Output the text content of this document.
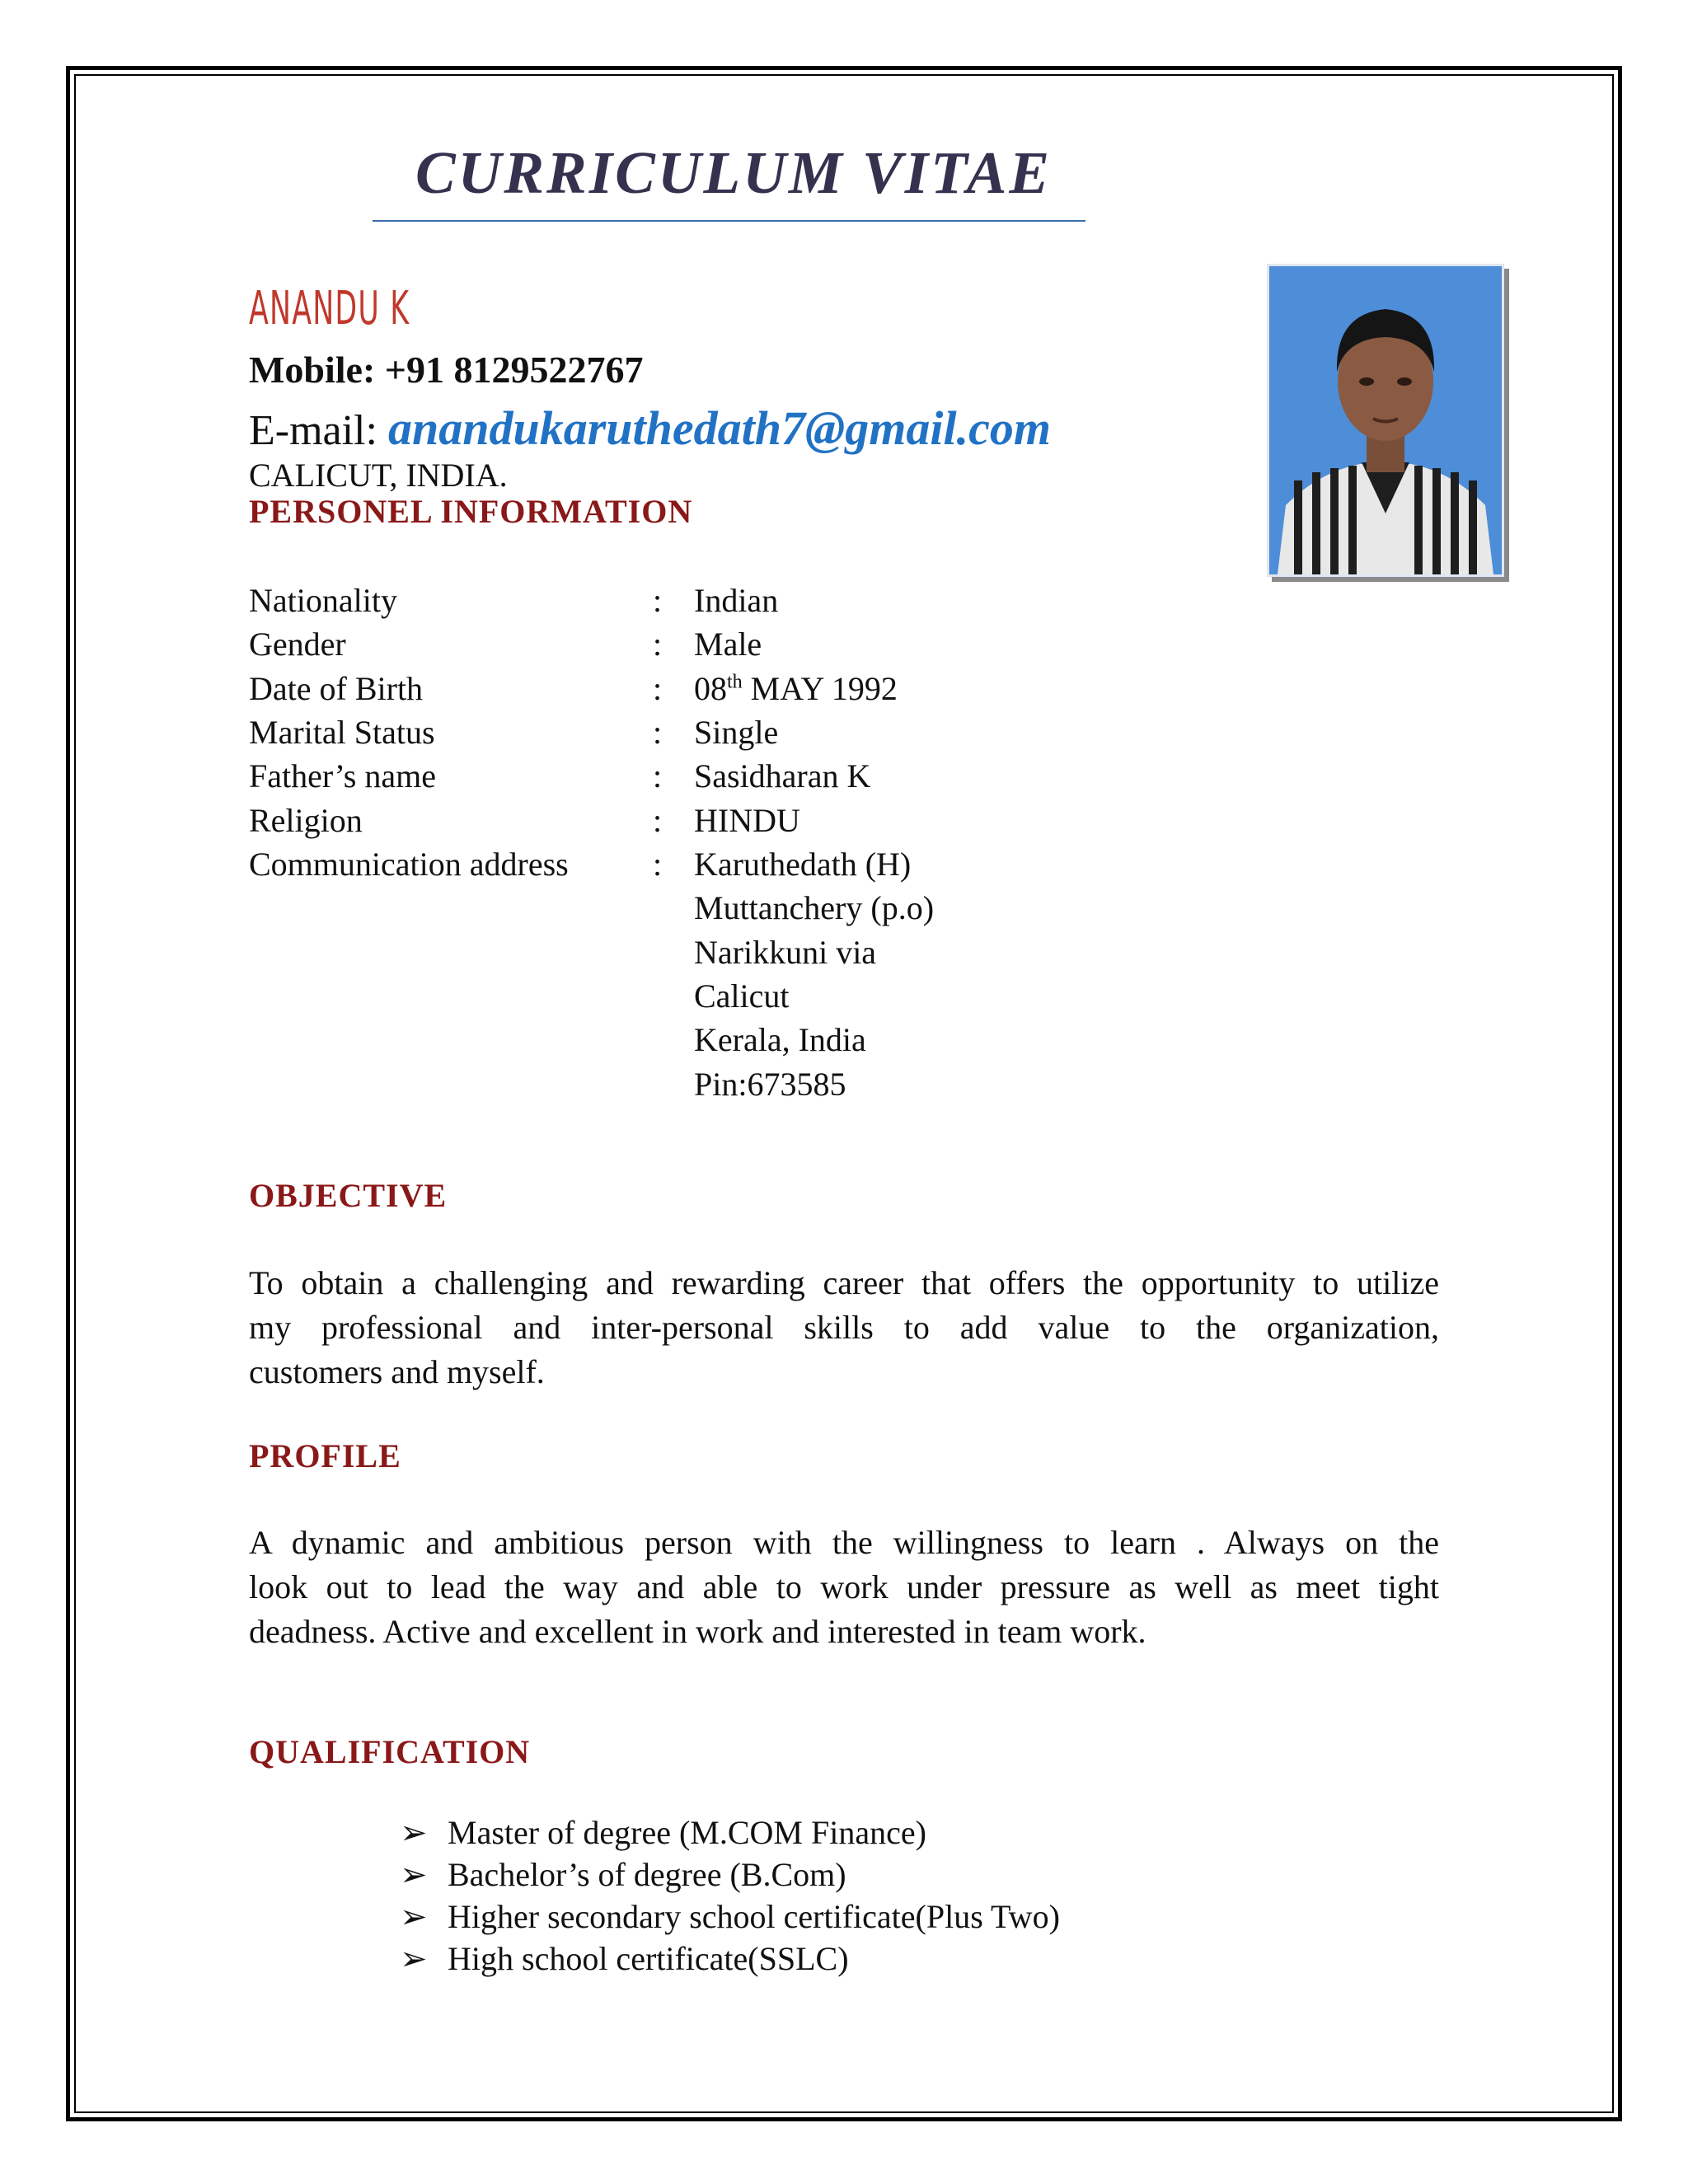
CURRICULUM VITAE
ANANDU K
Mobile: +91 8129522767
E-mail: anandukaruthedath7@gmail.com
CALICUT, INDIA.
PERSONEL INFORMATION
Nationality	: Indian
Gender	: Male
Date of Birth	: 08th MAY 1992
Marital Status	: Single
Father’s name	: Sasidharan K
Religion	: HINDU
Communication address	: Karuthedath (H)
Muttanchery (p.o)
Narikkuni via
Calicut
Kerala, India
Pin:673585
OBJECTIVE
To obtain a challenging and rewarding career that offers the opportunity to utilize
my professional and inter-personal skills to add value to the organization,
customers and myself.
PROFILE
A dynamic and ambitious person with the willingness to learn . Always on the
look out to lead the way and able to work under pressure as well as meet tight
deadness. Active and excellent in work and interested in team work.
QUALIFICATION
➢ Master of degree (M.COM Finance)
➢ Bachelor’s of degree (B.Com)
➢ Higher secondary school certificate(Plus Two)
➢ High school certificate(SSLC)
